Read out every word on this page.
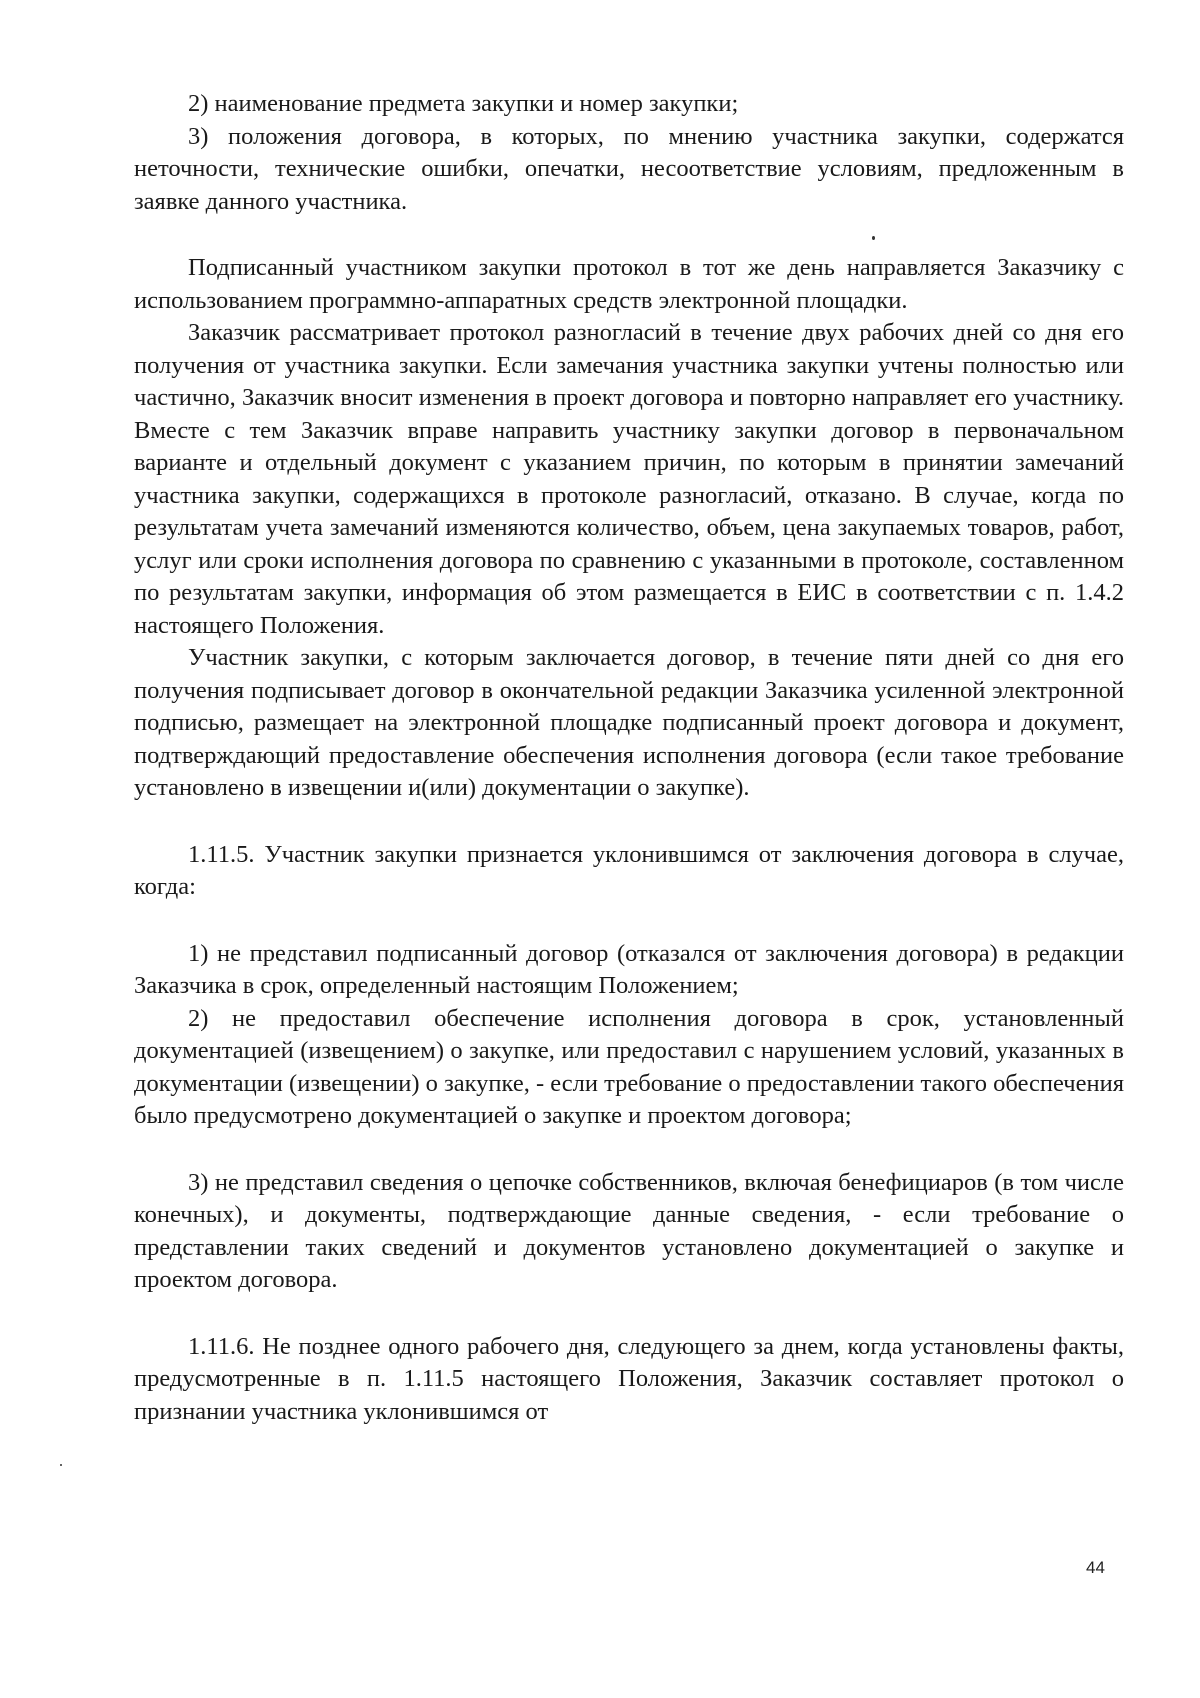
2) наименование предмета закупки и номер закупки;

3) положения договора, в которых, по мнению участника закупки, содержатся неточности, технические ошибки, опечатки, несоответствие условиям, предложенным в заявке данного участника.

Подписанный участником закупки протокол в тот же день направляется Заказчику с использованием программно-аппаратных средств электронной площадки.

Заказчик рассматривает протокол разногласий в течение двух рабочих дней со дня его получения от участника закупки. Если замечания участника закупки учтены полностью или частично, Заказчик вносит изменения в проект договора и повторно направляет его участнику. Вместе с тем Заказчик вправе направить участнику закупки договор в первоначальном варианте и отдельный документ с указанием причин, по которым в принятии замечаний участника закупки, содержащихся в протоколе разногласий, отказано. В случае, когда по результатам учета замечаний изменяются количество, объем, цена закупаемых товаров, работ, услуг или сроки исполнения договора по сравнению с указанными в протоколе, составленном по результатам закупки, информация об этом размещается в ЕИС в соответствии с п. 1.4.2 настоящего Положения.

Участник закупки, с которым заключается договор, в течение пяти дней со дня его получения подписывает договор в окончательной редакции Заказчика усиленной электронной подписью, размещает на электронной площадке подписанный проект договора и документ, подтверждающий предоставление обеспечения исполнения договора (если такое требование установлено в извещении и(или) документации о закупке).

1.11.5. Участник закупки признается уклонившимся от заключения договора в случае, когда:

1) не представил подписанный договор (отказался от заключения договора) в редакции Заказчика в срок, определенный настоящим Положением;

2) не предоставил обеспечение исполнения договора в срок, установленный документацией (извещением) о закупке, или предоставил с нарушением условий, указанных в документации (извещении) о закупке, - если требование о предоставлении такого обеспечения было предусмотрено документацией о закупке и проектом договора;

3) не представил сведения о цепочке собственников, включая бенефициаров (в том числе конечных), и документы, подтверждающие данные сведения, - если требование о представлении таких сведений и документов установлено документацией о закупке и проектом договора.

1.11.6. Не позднее одного рабочего дня, следующего за днем, когда установлены факты, предусмотренные в п. 1.11.5 настоящего Положения, Заказчик составляет протокол о признании участника уклонившимся от

44
